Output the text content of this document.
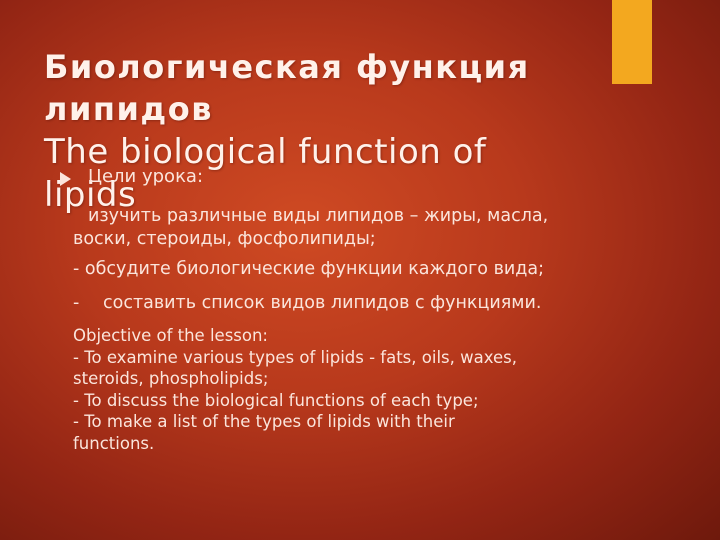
Биологическая функция липидов
The biological function of
lipids

Цели урока:

изучить различные виды липидов – жиры, масла,

воски, стероиды, фосфолипиды;

- обсудите биологические функции каждого вида;

- составить список видов липидов с функциями.

Objective of the lesson:

- To examine various types of lipids - fats, oils, waxes,

steroids, phospholipids;

- To discuss the biological functions of each type;

- To make a list of the types of lipids with their

functions.
